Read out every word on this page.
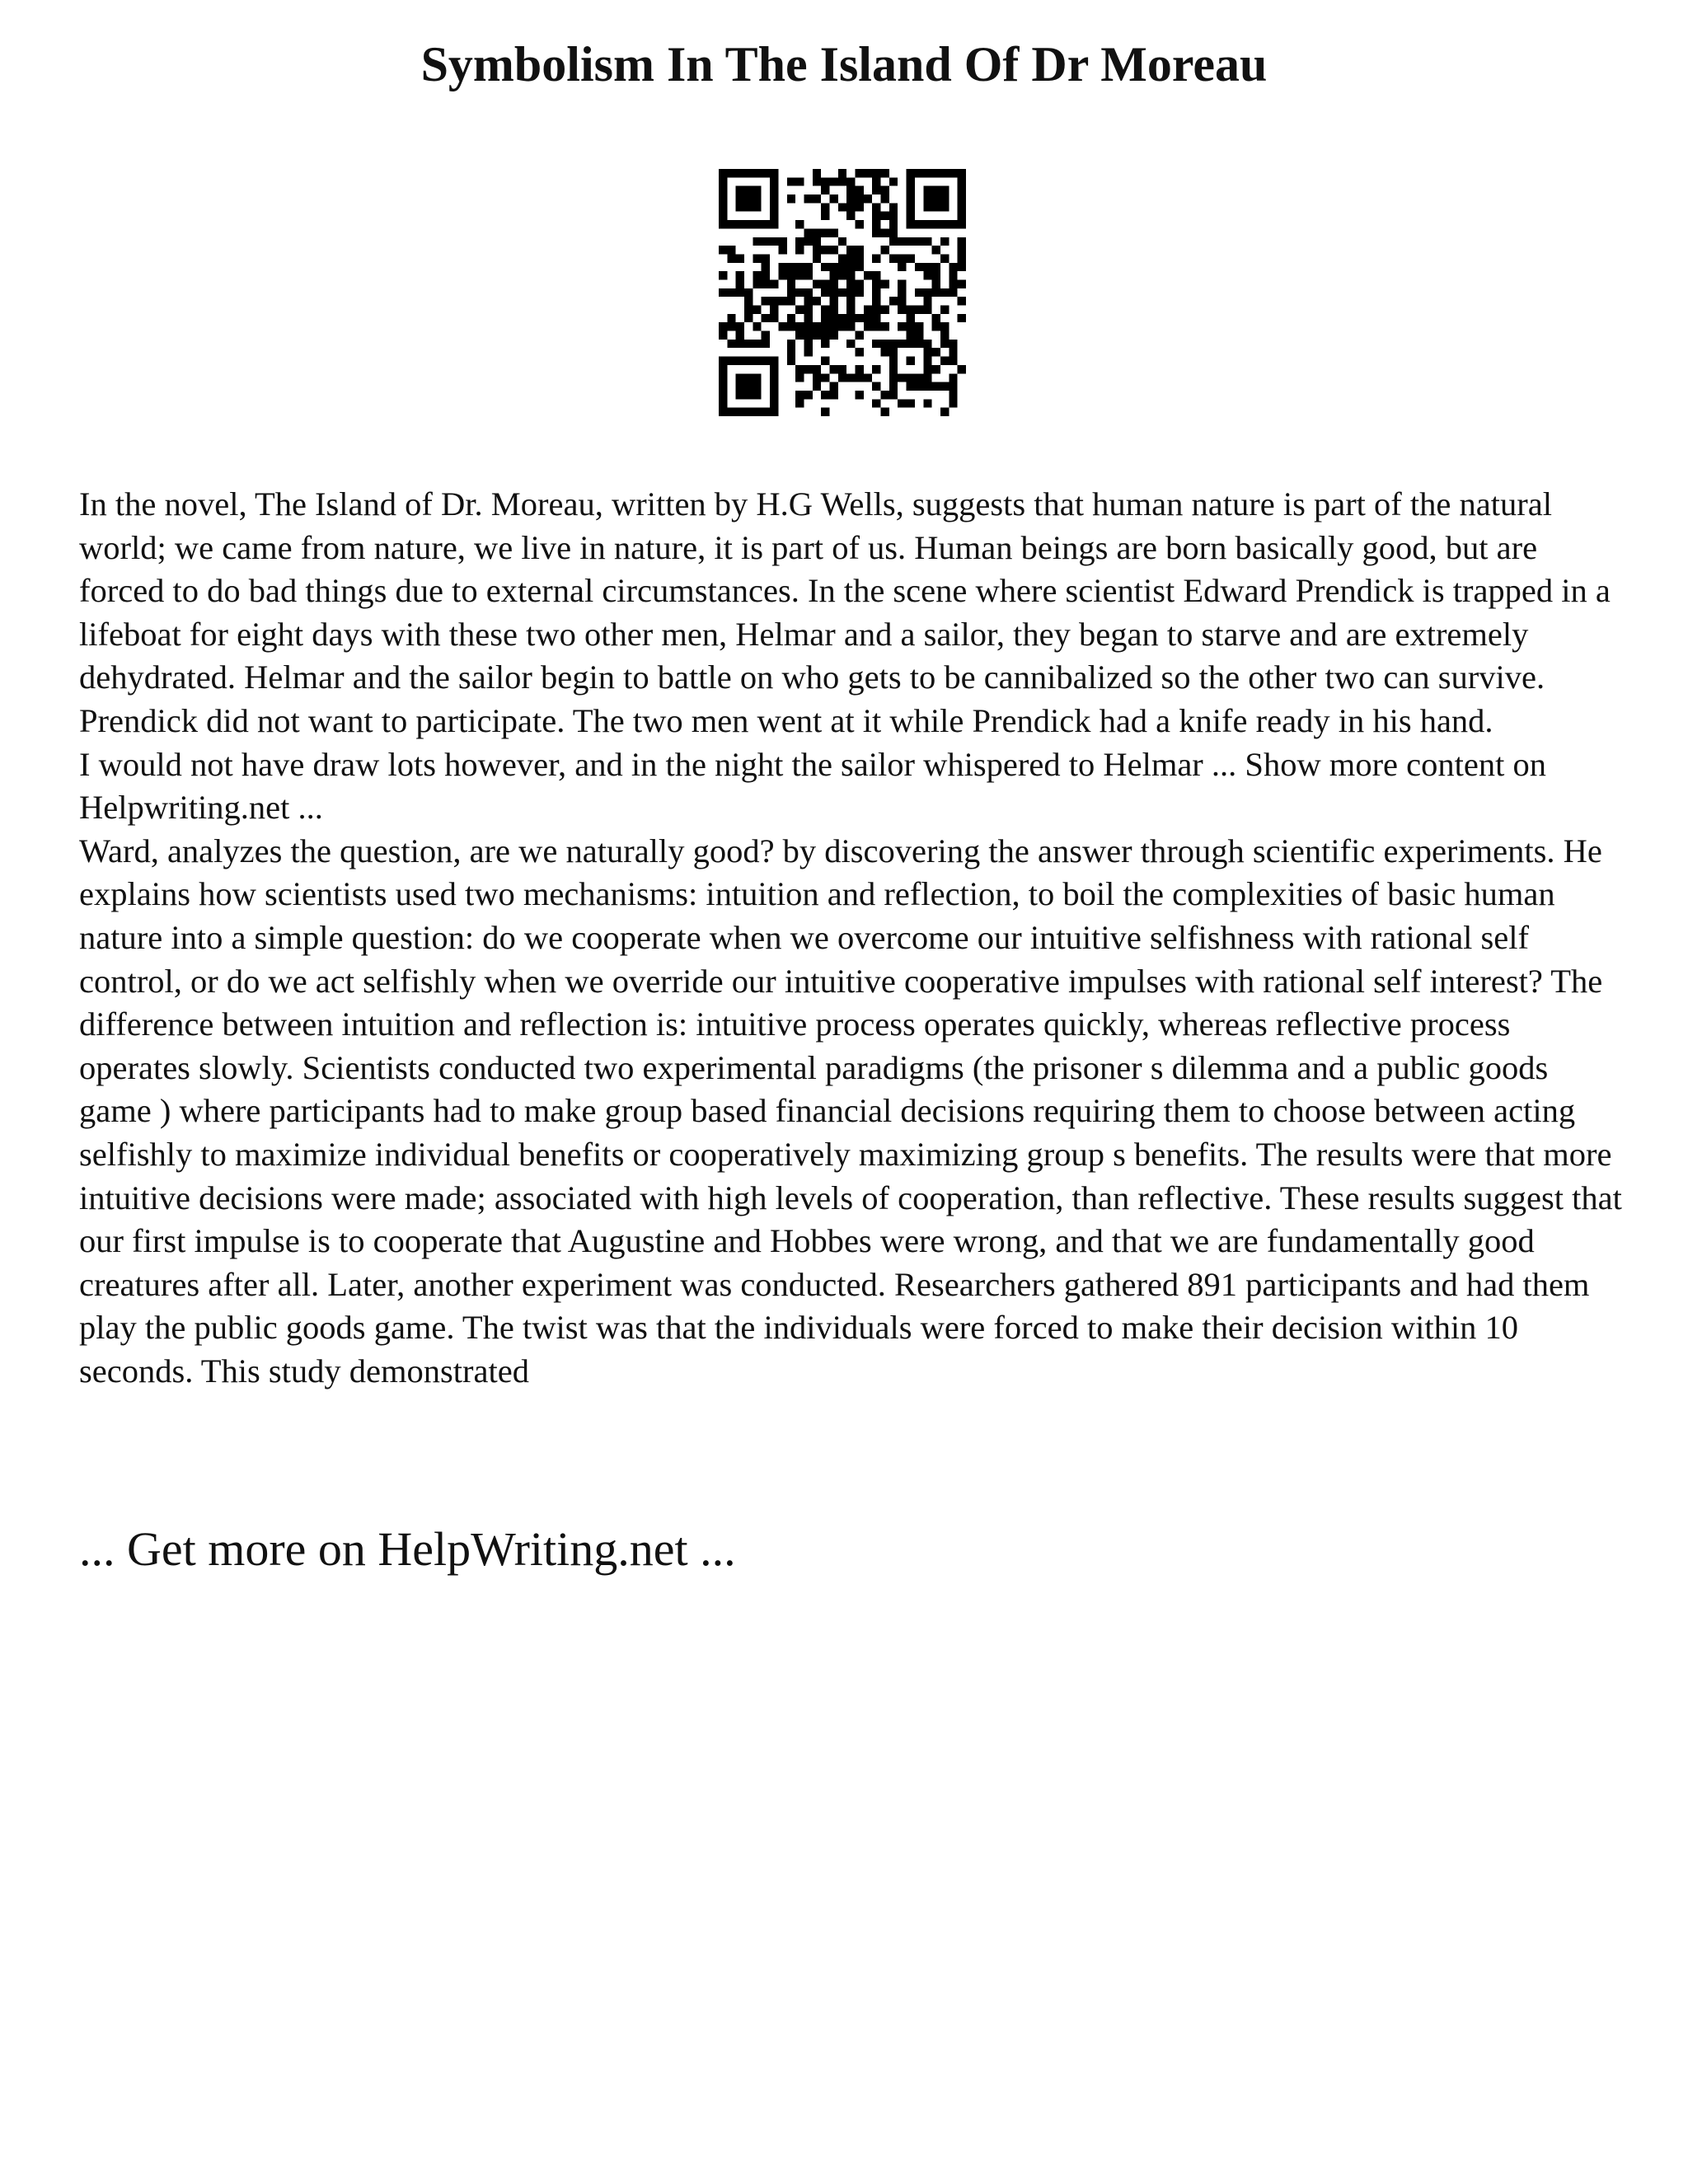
Symbolism In The Island Of Dr Moreau

In the novel, The Island of Dr. Moreau, written by H.G Wells, suggests that human nature is part of the natural world; we came from nature, we live in nature, it is part of us. Human beings are born basically good, but are forced to do bad things due to external circumstances. In the scene where scientist Edward Prendick is trapped in a lifeboat for eight days with these two other men, Helmar and a sailor, they began to starve and are extremely dehydrated. Helmar and the sailor begin to battle on who gets to be cannibalized so the other two can survive. Prendick did not want to participate. The two men went at it while Prendick had a knife ready in his hand.

I would not have draw lots however, and in the night the sailor whispered to Helmar ... Show more content on Helpwriting.net ...

Ward, analyzes the question, are we naturally good? by discovering the answer through scientific experiments. He explains how scientists used two mechanisms: intuition and reflection, to boil the complexities of basic human nature into a simple question: do we cooperate when we overcome our intuitive selfishness with rational self control, or do we act selfishly when we override our intuitive cooperative impulses with rational self interest? The difference between intuition and reflection is: intuitive process operates quickly, whereas reflective process operates slowly. Scientists conducted two experimental paradigms (the prisoner s dilemma and a public goods game ) where participants had to make group based financial decisions requiring them to choose between acting selfishly to maximize individual benefits or cooperatively maximizing group s benefits. The results were that more intuitive decisions were made; associated with high levels of cooperation, than reflective. These results suggest that our first impulse is to cooperate that Augustine and Hobbes were wrong, and that we are fundamentally good creatures after all. Later, another experiment was conducted. Researchers gathered 891 participants and had them play the public goods game. The twist was that the individuals were forced to make their decision within 10 seconds. This study demonstrated

... Get more on HelpWriting.net ...
